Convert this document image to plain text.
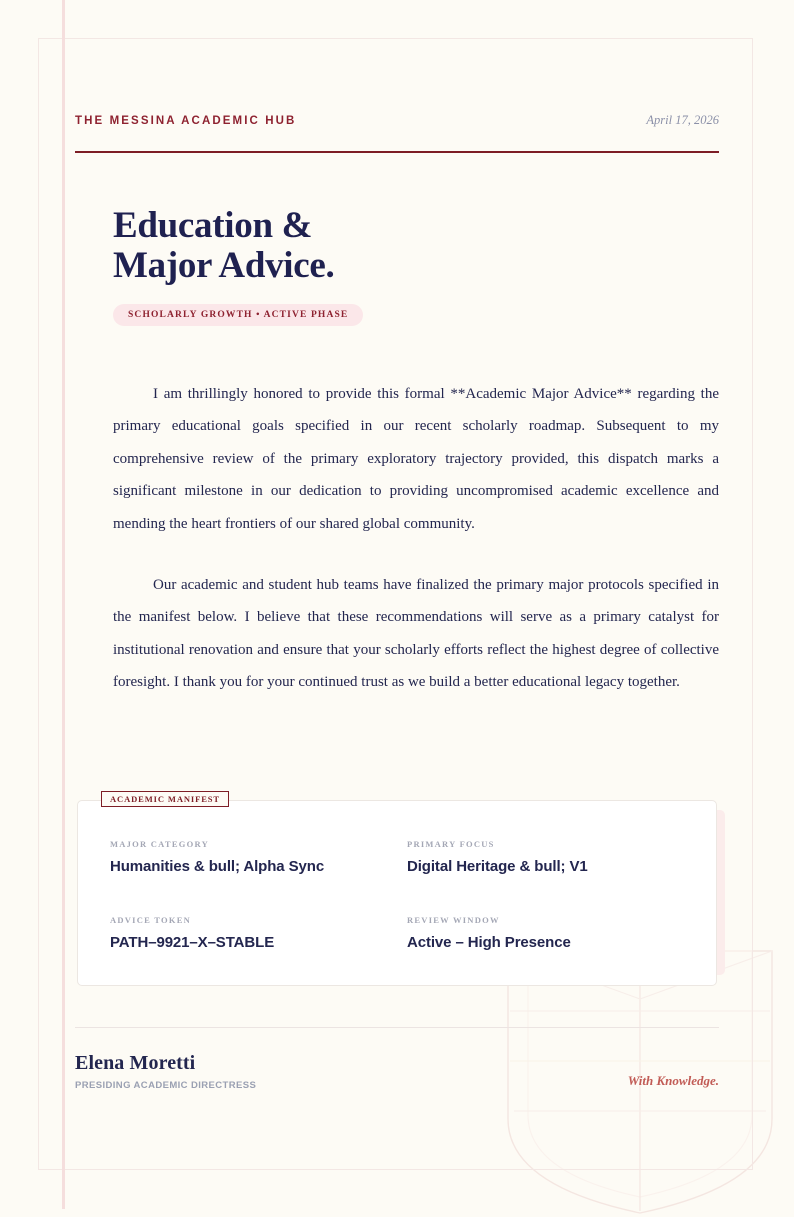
THE MESSINA ACADEMIC HUB	April 17, 2026
Education &
Major Advice.
SCHOLARLY GROWTH • ACTIVE PHASE

I am thrillingly honored to provide this formal **Academic Major Advice** regarding the primary educational goals specified in our recent scholarly roadmap. Subsequent to my comprehensive review of the primary exploratory trajectory provided, this dispatch marks a significant milestone in our dedication to providing uncompromised academic excellence and mending the heart frontiers of our shared global community.

Our academic and student hub teams have finalized the primary major protocols specified in the manifest below. I believe that these recommendations will serve as a primary catalyst for institutional renovation and ensure that your scholarly efforts reflect the highest degree of collective foresight. I thank you for your continued trust as we build a better educational legacy together.

ACADEMIC MANIFEST
MAJOR CATEGORY
Humanities & bull; Alpha Sync
PRIMARY FOCUS
Digital Heritage & bull; V1
ADVICE TOKEN
PATH–9921–X–STABLE
REVIEW WINDOW
Active – High Presence
Elena Moretti
PRESIDING ACADEMIC DIRECTRESS	With Knowledge.
